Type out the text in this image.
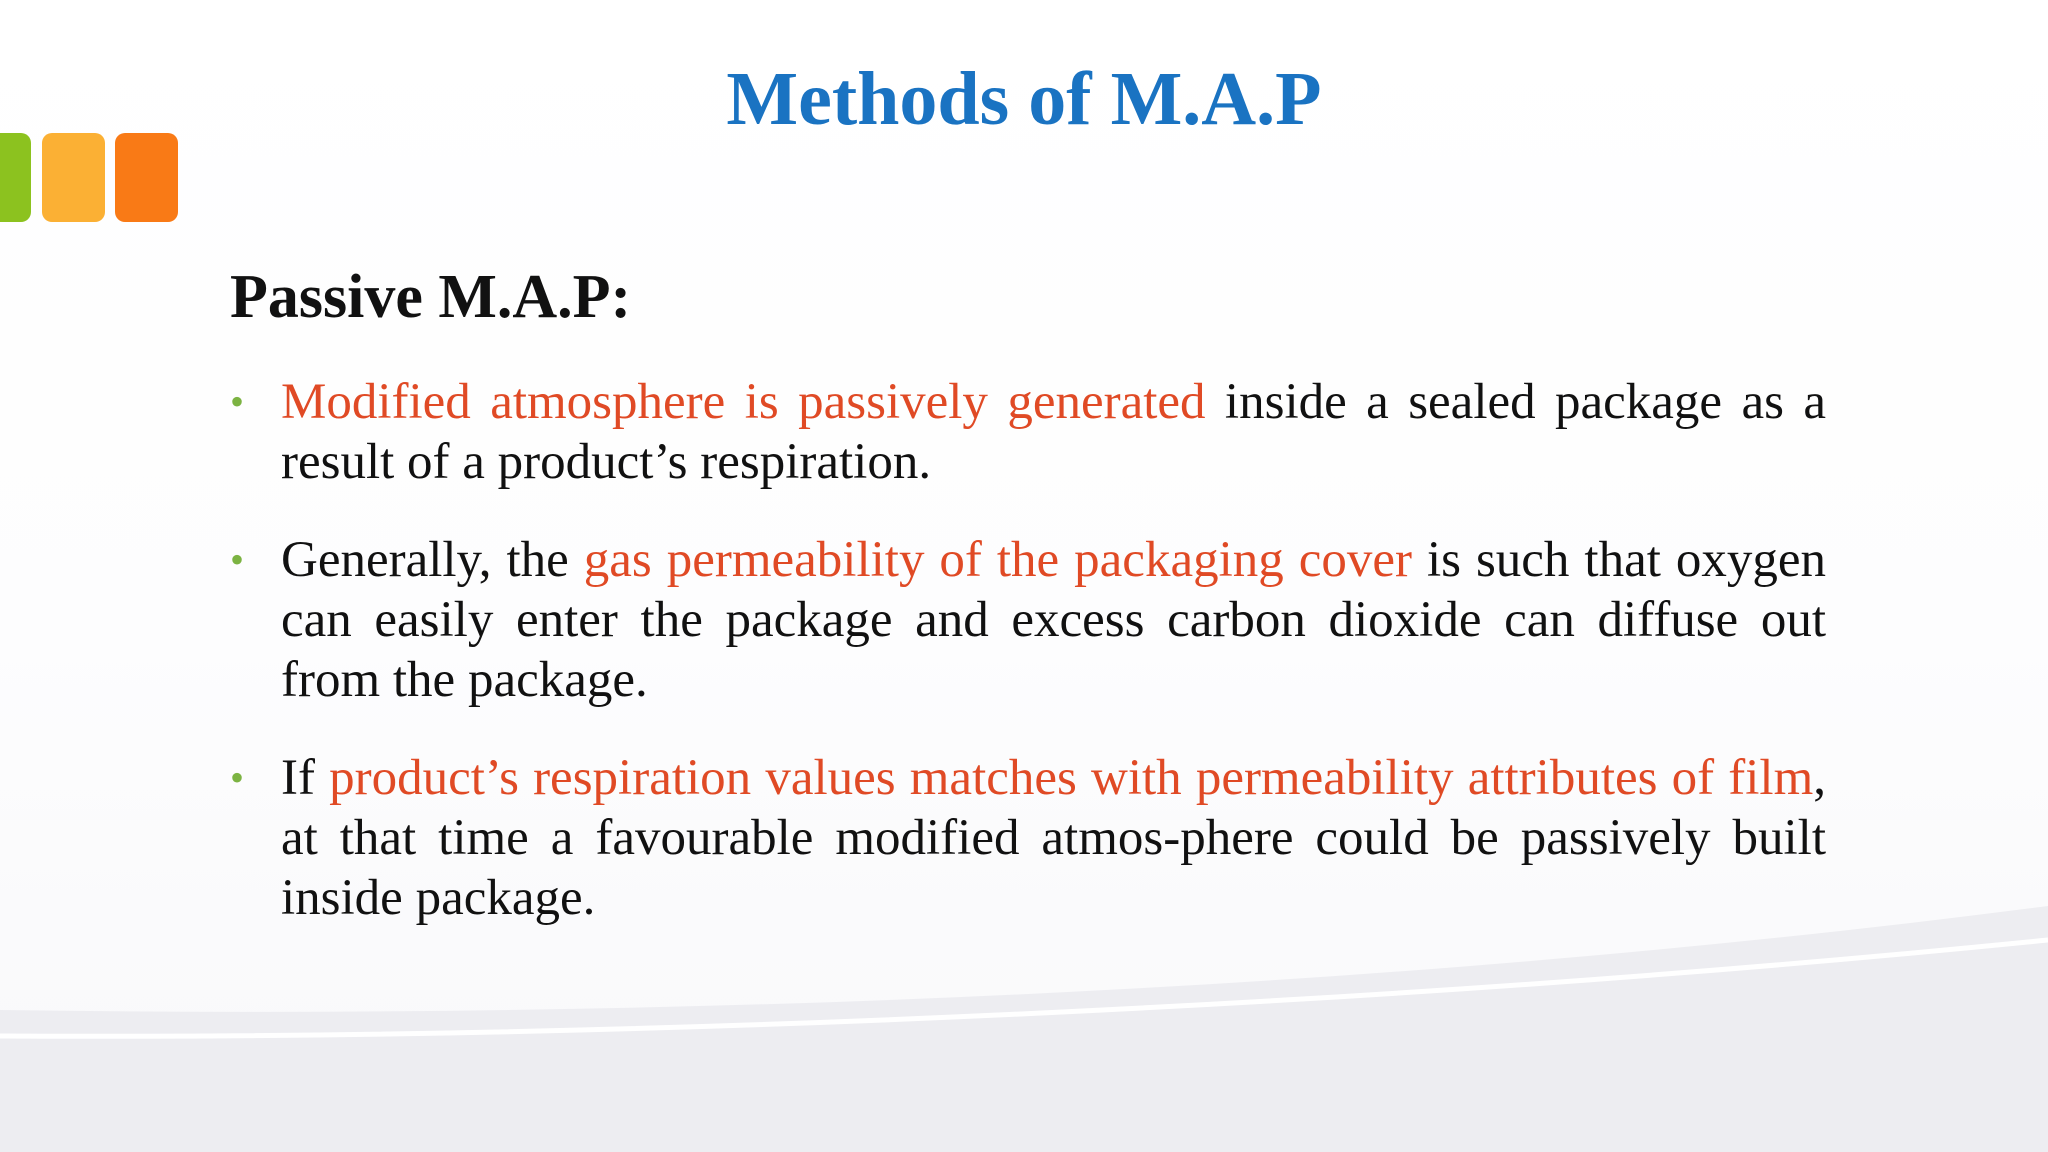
Methods of M.A.P
Passive M.A.P:
• Modified atmosphere is passively generated inside a sealed package as a result of a product’s respiration.
• Generally, the gas permeability of the packaging cover is such that oxygen can easily enter the package and excess carbon dioxide can diffuse out from the package.
• If product’s respiration values matches with permeability attributes of film, at that time a favourable modified atmos-phere could be passively built inside package.
